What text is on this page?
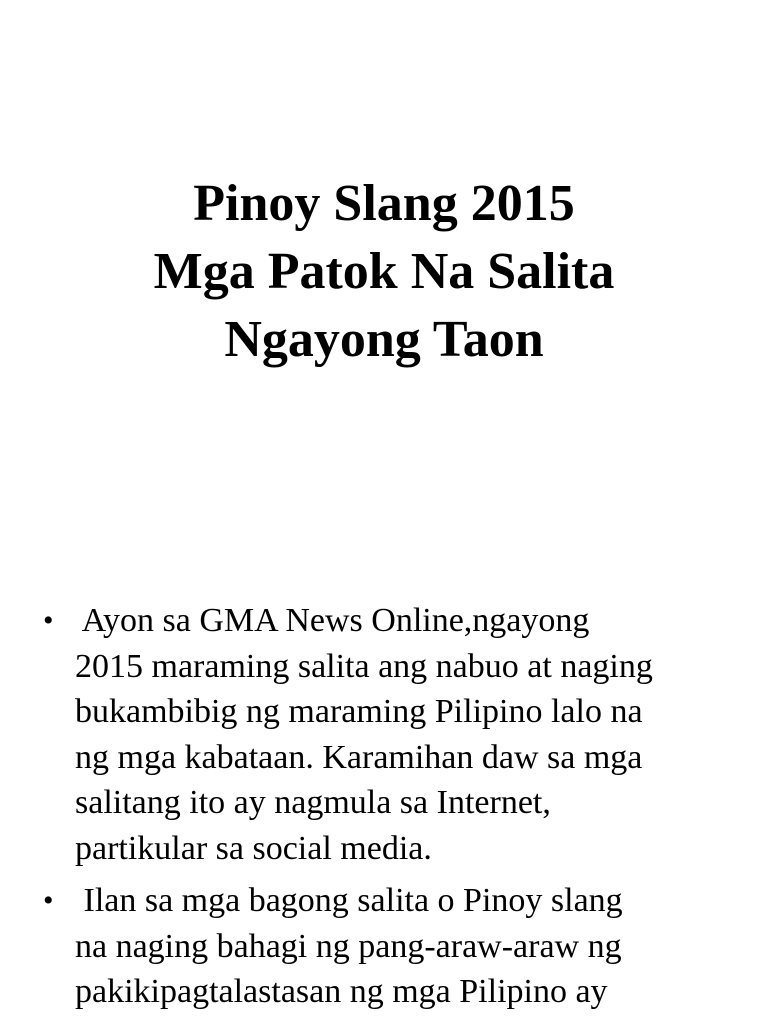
Pinoy Slang 2015
Mga Patok Na Salita
Ngayong Taon
• Ayon sa GMA News Online,ngayong
2015 maraming salita ang nabuo at naging
bukambibig ng maraming Pilipino lalo na
ng mga kabataan. Karamihan daw sa mga
salitang ito ay nagmula sa Internet,
partikular sa social media.
• Ilan sa mga bagong salita o Pinoy slang
na naging bahagi ng pang-araw-araw ng
pakikipagtalastasan ng mga Pilipino ay
